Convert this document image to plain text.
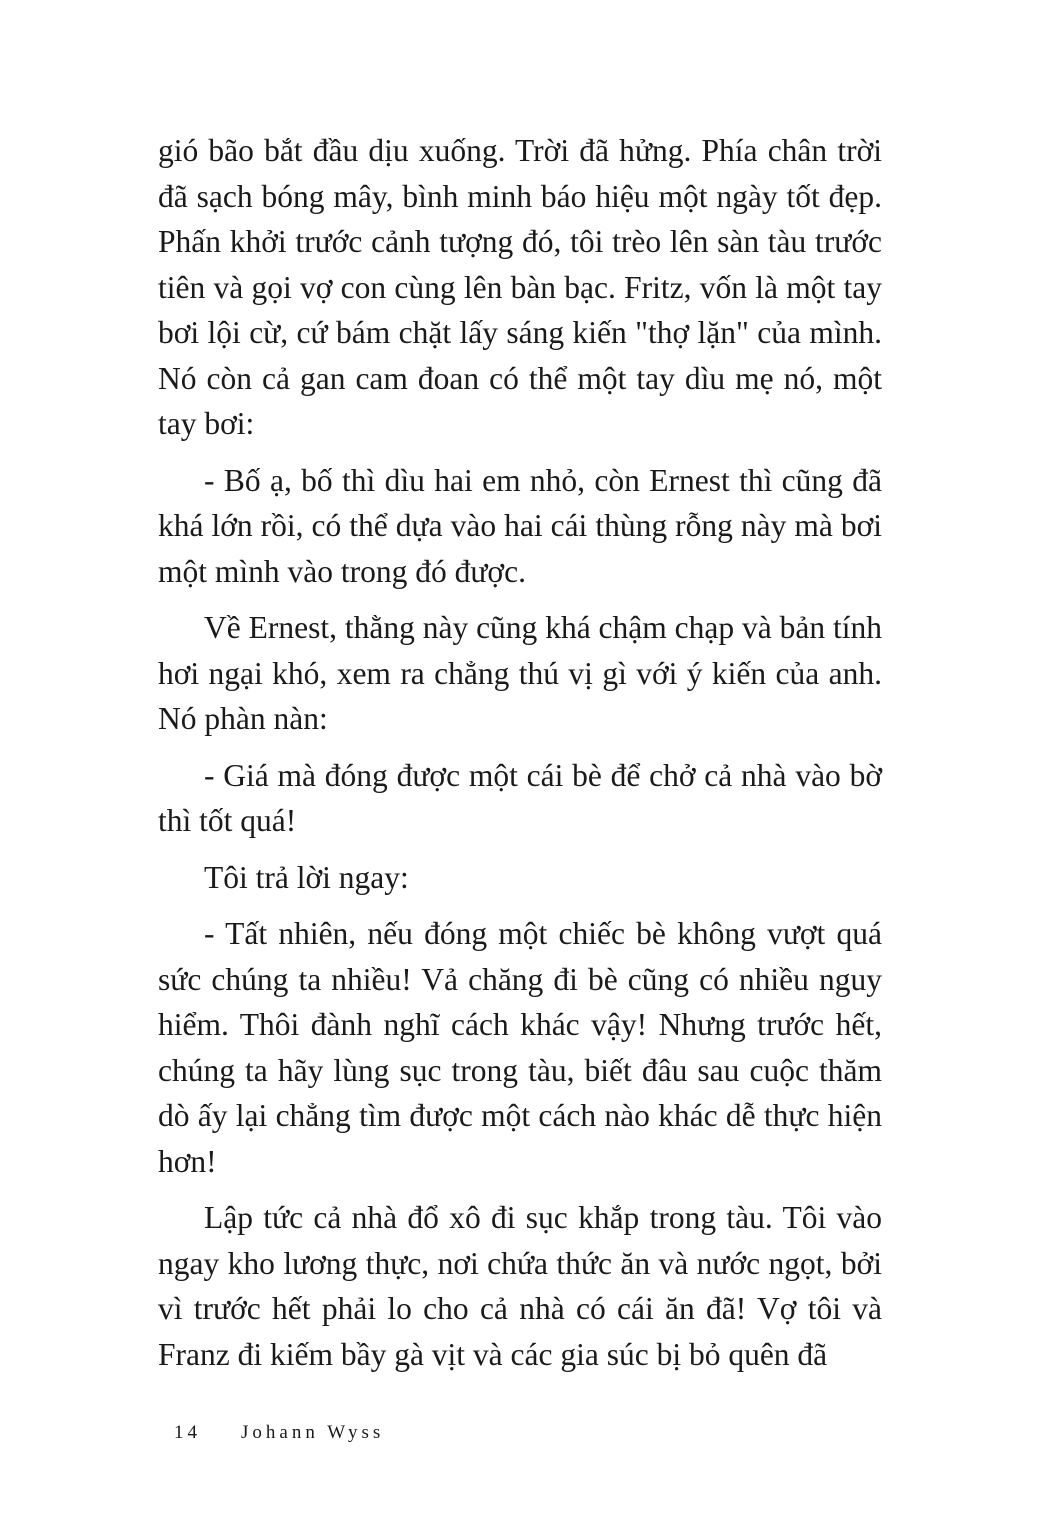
gió bão bắt đầu dịu xuống. Trời đã hửng. Phía chân trời đã sạch bóng mây, bình minh báo hiệu một ngày tốt đẹp. Phấn khởi trước cảnh tượng đó, tôi trèo lên sàn tàu trước tiên và gọi vợ con cùng lên bàn bạc. Fritz, vốn là một tay bơi lội cừ, cứ bám chặt lấy sáng kiến "thợ lặn" của mình. Nó còn cả gan cam đoan có thể một tay dìu mẹ nó, một tay bơi:

- Bố ạ, bố thì dìu hai em nhỏ, còn Ernest thì cũng đã khá lớn rồi, có thể dựa vào hai cái thùng rỗng này mà bơi một mình vào trong đó được.

Về Ernest, thằng này cũng khá chậm chạp và bản tính hơi ngại khó, xem ra chẳng thú vị gì với ý kiến của anh. Nó phàn nàn:

- Giá mà đóng được một cái bè để chở cả nhà vào bờ thì tốt quá!

Tôi trả lời ngay:

- Tất nhiên, nếu đóng một chiếc bè không vượt quá sức chúng ta nhiều! Vả chăng đi bè cũng có nhiều nguy hiểm. Thôi đành nghĩ cách khác vậy! Nhưng trước hết, chúng ta hãy lùng sục trong tàu, biết đâu sau cuộc thăm dò ấy lại chẳng tìm được một cách nào khác dễ thực hiện hơn!

Lập tức cả nhà đổ xô đi sục khắp trong tàu. Tôi vào ngay kho lương thực, nơi chứa thức ăn và nước ngọt, bởi vì trước hết phải lo cho cả nhà có cái ăn đã! Vợ tôi và Franz đi kiếm bầy gà vịt và các gia súc bị bỏ quên đã

14 Johann Wyss
